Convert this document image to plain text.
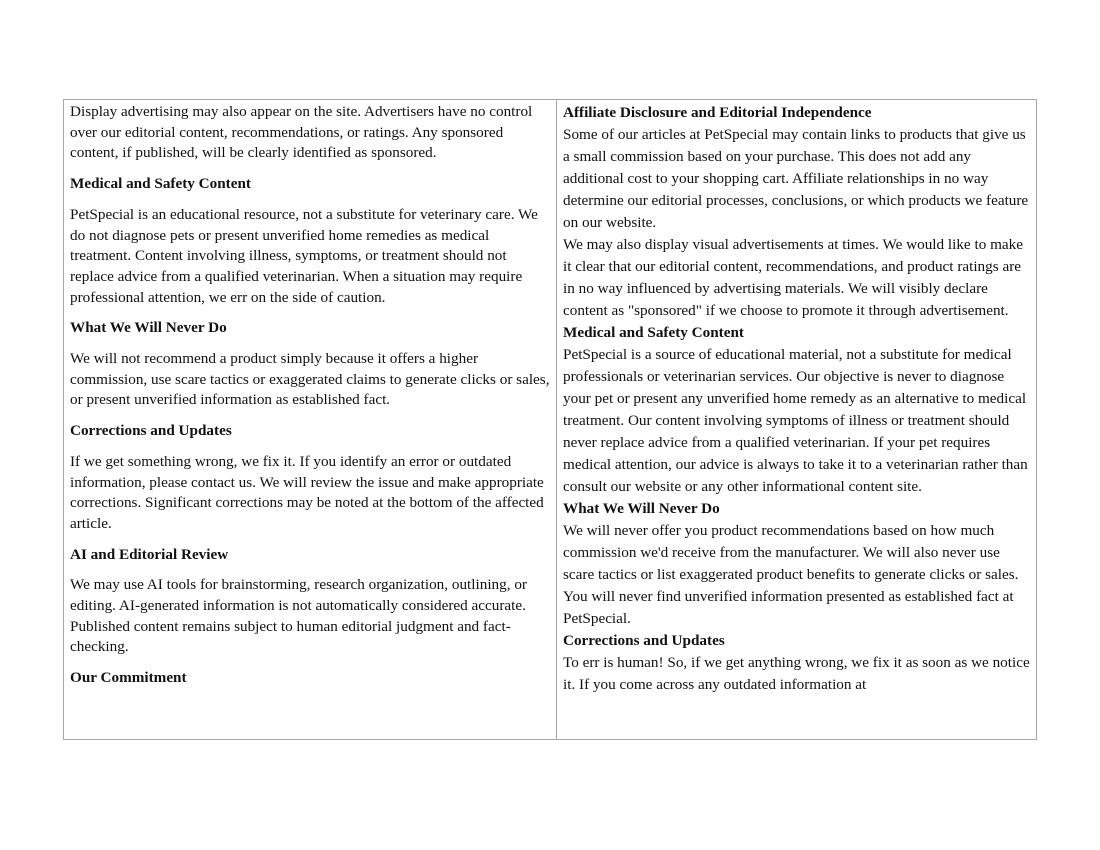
Display advertising may also appear on the site. Advertisers have no control over our editorial content, recommendations, or ratings. Any sponsored content, if published, will be clearly identified as sponsored.

Medical and Safety Content

PetSpecial is an educational resource, not a substitute for veterinary care. We do not diagnose pets or present unverified home remedies as medical treatment. Content involving illness, symptoms, or treatment should not replace advice from a qualified veterinarian. When a situation may require professional attention, we err on the side of caution.

What We Will Never Do

We will not recommend a product simply because it offers a higher commission, use scare tactics or exaggerated claims to generate clicks or sales, or present unverified information as established fact.

Corrections and Updates

If we get something wrong, we fix it. If you identify an error or outdated information, please contact us. We will review the issue and make appropriate corrections. Significant corrections may be noted at the bottom of the affected article.

AI and Editorial Review

We may use AI tools for brainstorming, research organization, outlining, or editing. AI-generated information is not automatically considered accurate. Published content remains subject to human editorial judgment and fact-checking.

Our Commitment
Affiliate Disclosure and Editorial Independence

Some of our articles at PetSpecial may contain links to products that give us a small commission based on your purchase. This does not add any additional cost to your shopping cart. Affiliate relationships in no way determine our editorial processes, conclusions, or which products we feature on our website.

We may also display visual advertisements at times. We would like to make it clear that our editorial content, recommendations, and product ratings are in no way influenced by advertising materials. We will visibly declare content as "sponsored" if we choose to promote it through advertisement.

Medical and Safety Content

PetSpecial is a source of educational material, not a substitute for medical professionals or veterinarian services. Our objective is never to diagnose your pet or present any unverified home remedy as an alternative to medical treatment. Our content involving symptoms of illness or treatment should never replace advice from a qualified veterinarian. If your pet requires medical attention, our advice is always to take it to a veterinarian rather than consult our website or any other informational content site.

What We Will Never Do

We will never offer you product recommendations based on how much commission we'd receive from the manufacturer. We will also never use scare tactics or list exaggerated product benefits to generate clicks or sales. You will never find unverified information presented as established fact at PetSpecial.

Corrections and Updates

To err is human! So, if we get anything wrong, we fix it as soon as we notice it. If you come across any outdated information at
